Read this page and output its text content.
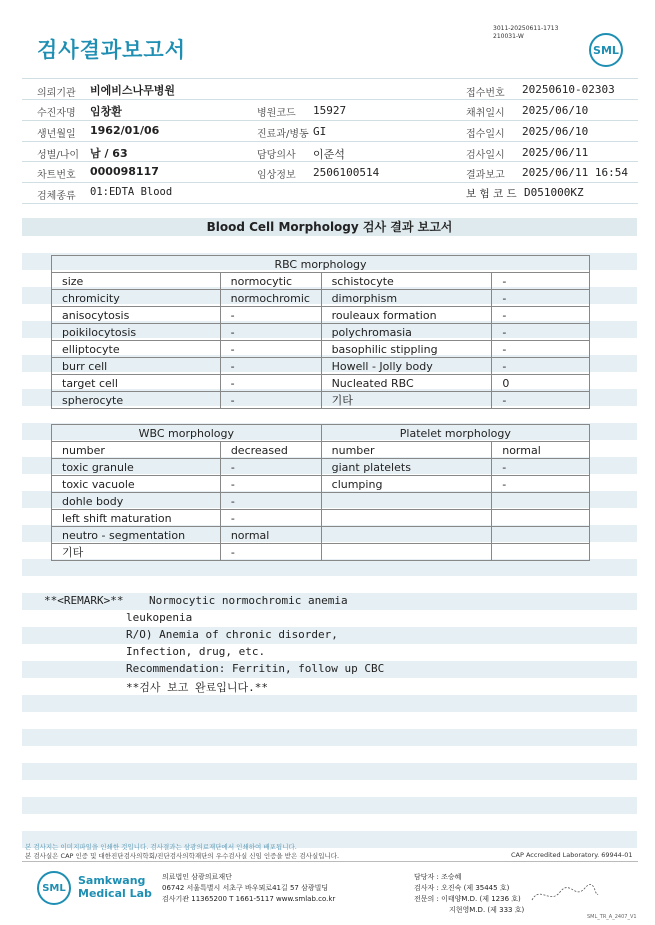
검사결과보고서
3011-20250611-1713
210031-W
SML
의뢰기관 비에비스나무병원	접수번호 20250610-02303
수진자명 임창환	병원코드 15927	채취일시 2025/06/10
생년월일 1962/01/06	진료과/병동 GI	접수일시 2025/06/10
성별/나이 남 / 63	담당의사 이준석	검사일시 2025/06/11
차트번호 000098117	임상정보 2506100514	결과보고 2025/06/11 16:54
검체종류 01:EDTA Blood	보 험 코 드 D051000KZ
Blood Cell Morphology 검사 결과 보고서
RBC morphology			
size	normocytic	schistocyte	-
chromicity	normochromic	dimorphism	-
anisocytosis	-	rouleaux formation	-
poikilocytosis	-	polychromasia	-
elliptocyte	-	basophilic stippling	-
burr cell	-	Howell - Jolly body	-
target cell	-	Nucleated RBC	0
spherocyte	-	기타	-
WBC morphology		Platelet morphology	
number	decreased	number	normal
toxic granule	-	giant platelets	-
toxic vacuole	-	clumping	-
dohle body	-		
left shift maturation	-		
neutro - segmentation	normal		
기타	-		
**<REMARK>** Normocytic normochromic anemia
leukopenia
R/O) Anemia of chronic disorder,
Infection, drug, etc.
Recommendation: Ferritin, follow up CBC
**검사 보고 완료입니다.**
본 검사지는 이미지파일을 인쇄한 것입니다. 검사결과는 삼광의료재단에서 인쇄하여 배포됩니다.
본 검사실은 CAP 인증 및 대한진단검사의학회/진단검사의학재단의 우수검사실 신임 인증을 받은 검사실입니다.	CAP Accredited Laboratory. 69944-01
SML
Samkwang
Medical Lab
의료법인 삼광의료재단
06742 서울특별시 서초구 바우뫼로41길 57 삼광빌딩
검사기관 11365200 T 1661-5117 www.smlab.co.kr
담당자 : 조승혜
검사자 : 오진숙 (제 35445 호)
전문의 : 이태양M.D. (제 1236 호)
지현영M.D. (제 333 호)
SML_TR_A_2407_V1
